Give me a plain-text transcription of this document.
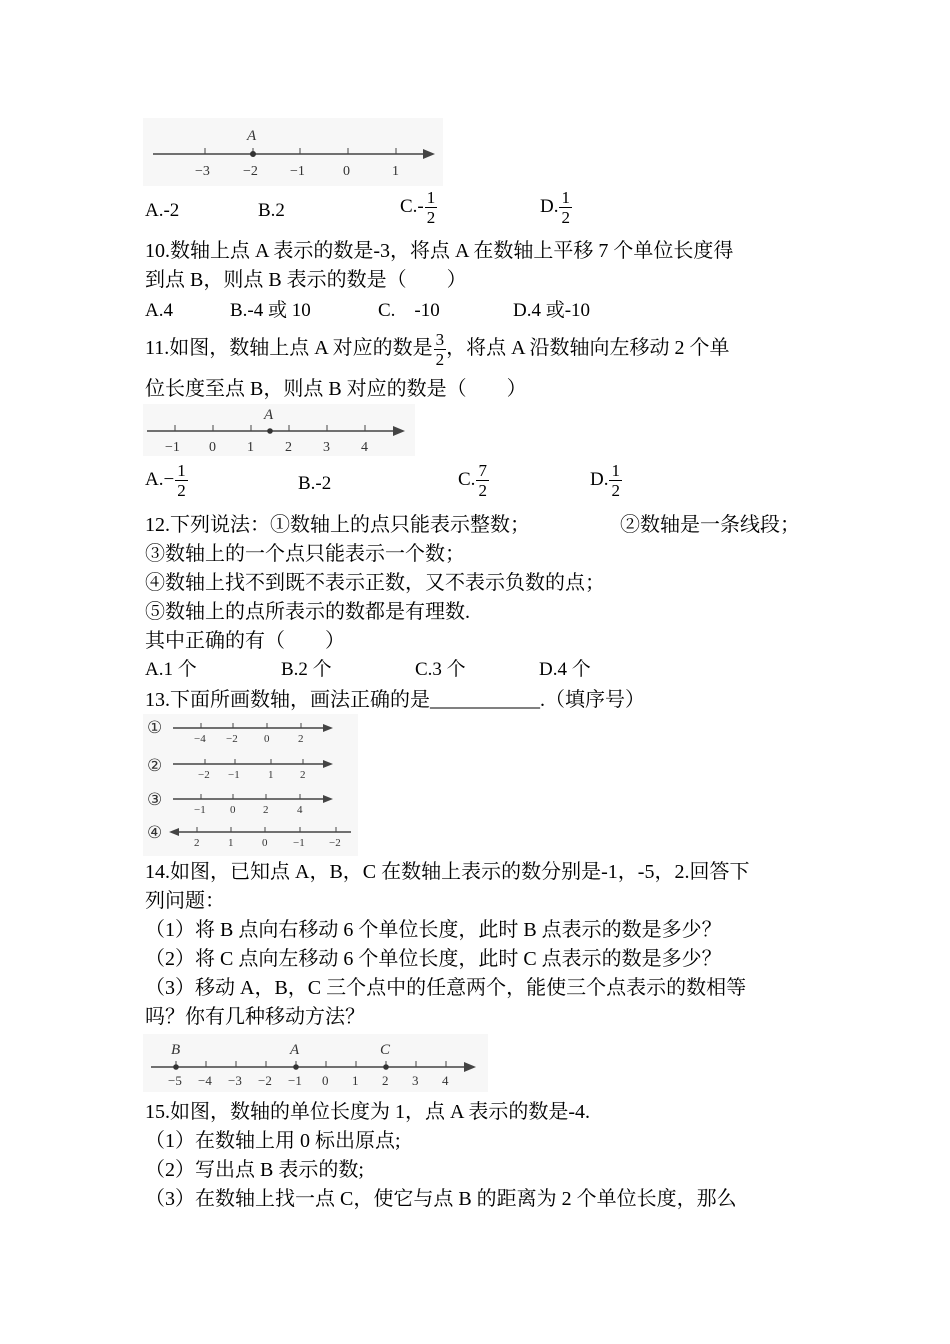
A
−3 −2 −1	0	1
A.-2	B.2	$C.- \frac{1}{2}$	D. $\frac{1}{2}$
10.数轴上点 A 表示的数是-3，将点 A 在数轴上平移 7 个单位长度得
到点 B，则点 B 表示的数是（　　）
A.4	B.-4 或 10	C.　-10	D.4 或-10
11.如图，数轴上点 A 对应的数是 $\frac{3}{2}$ ，将点 A 沿数轴向左移动 2 个单
位长度至点 B，则点 B 对应的数是（　　）
A
−1 0 1 2 3 4
$A.- \frac{1}{2}$	B.-2	C. $\frac{7}{2}$	D. $\frac{1}{2}$
12.下列说法：①数轴上的点只能表示整数；	②数轴是一条线段；
③数轴上的一个点只能表示一个数；
④数轴上找不到既不表示正数，又不表示负数的点；
⑤数轴上的点所表示的数都是有理数.
其中正确的有（　　）
A.1 个	B.2 个	C.3 个	D.4 个
13.下面所画数轴，画法正确的是___________.（填序号）
①
−4 −2 0	2
②	−2 −1	1 2
③
−1 0	2	4
④
2	1	0 −1 −2
14.如图，已知点 A，B，C 在数轴上表示的数分别是-1，-5，2.回答下
列问题：
（1）将 B 点向右移动 6 个单位长度，此时 B 点表示的数是多少？
（2）将 C 点向左移动 6 个单位长度，此时 C 点表示的数是多少？
（3）移动 A，B，C 三个点中的任意两个，能使三个点表示的数相等
吗？你有几种移动方法？
B	A	C
−5 −4 −3 −2 −1 0 1 2 3 4
15.如图，数轴的单位长度为 1，点 A 表示的数是-4.
（1）在数轴上用 0 标出原点;
（2）写出点 B 表示的数;
（3）在数轴上找一点 C，使它与点 B 的距离为 2 个单位长度，那么
